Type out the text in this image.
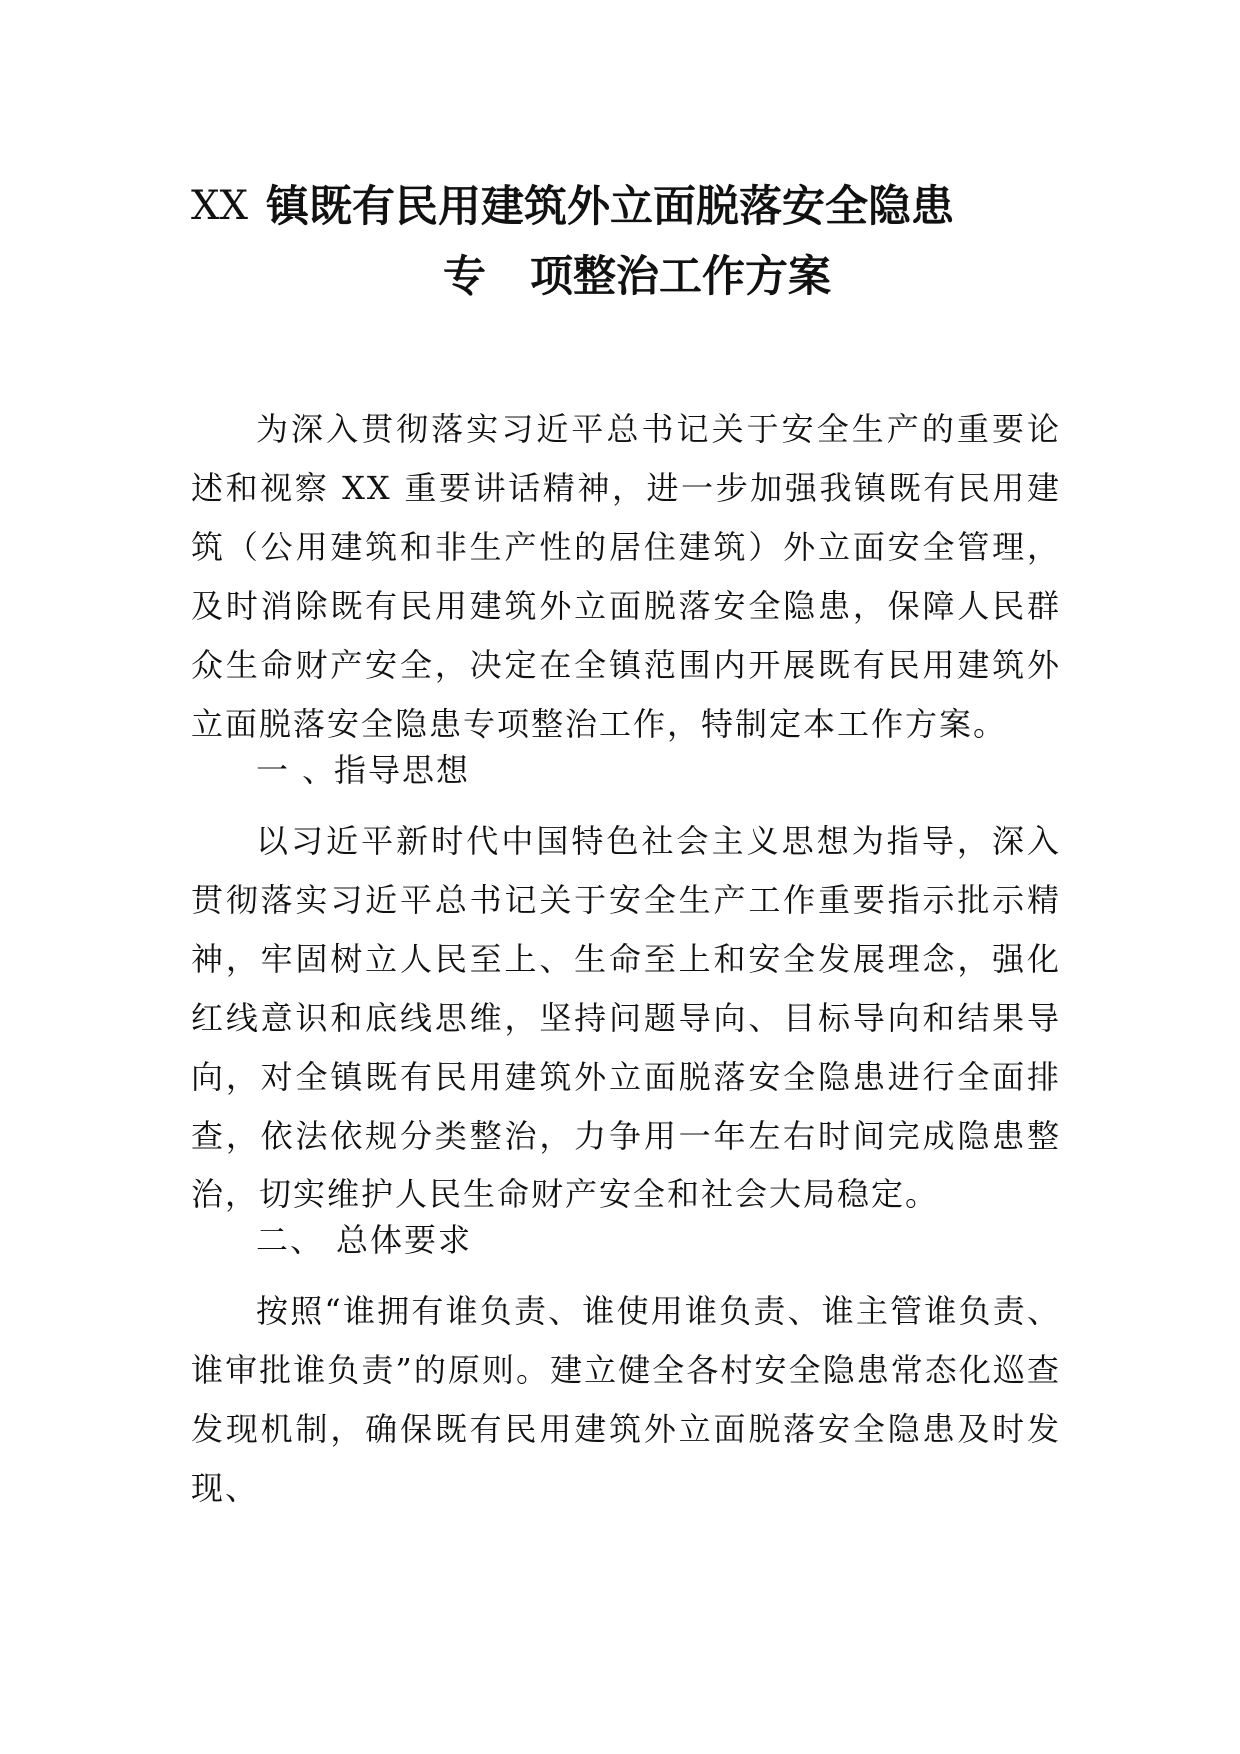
XX 镇既有民用建筑外立面脱落安全隐患
专 项整治工作方案

为深入贯彻落实习近平总书记关于安全生产的重要论述和视察 XX 重要讲话精神，进一步加强我镇既有民用建筑（公用建筑和非生产性的居住建筑）外立面安全管理，及时消除既有民用建筑外立面脱落安全隐患，保障人民群众生命财产安全，决定在全镇范围内开展既有民用建筑外立面脱落安全隐患专项整治工作，特制定本工作方案。

一 、
指导思想

以习近平新时代中国特色社会主义思想为指导，深入贯彻落实习近平总书记关于安全生产工作重要指示批示精神，牢固树立人民至上、生命至上和安全发展理念，强化红线意识和底线思维，坚持问题导向、目标导向和结果导向，对全镇既有民用建筑外立面脱落安全隐患进行全面排查，依法依规分类整治，力争用一年左右时间完成隐患整治，切实维护人民生命财产安全和社会大局稳定。

二、 总体要求

按照“谁拥有谁负责、谁使用谁负责、谁主管谁负责、谁审批谁负责”的原则。建立健全各村安全隐患常态化巡查发现机制，确保既有民用建筑外立面脱落安全隐患及时发现、
